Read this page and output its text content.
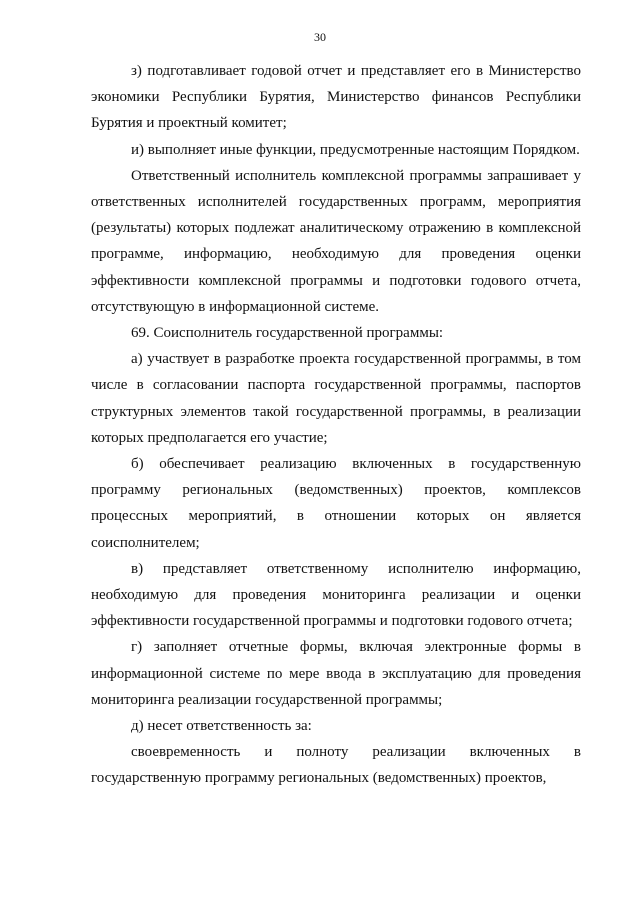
30

з) подготавливает годовой отчет и представляет его в Министерство экономики Республики Бурятия, Министерство финансов Республики Бурятия и проектный комитет;

и) выполняет иные функции, предусмотренные настоящим Порядком.

Ответственный исполнитель комплексной программы запрашивает у ответственных исполнителей государственных программ, мероприятия (результаты) которых подлежат аналитическому отражению в комплексной программе, информацию, необходимую для проведения оценки эффективности комплексной программы и подготовки годового отчета, отсутствующую в информационной системе.

69. Соисполнитель государственной программы:

а) участвует в разработке проекта государственной программы, в том числе в согласовании паспорта государственной программы, паспортов структурных элементов такой государственной программы, в реализации которых предполагается его участие;

б) обеспечивает реализацию включенных в государственную программу региональных (ведомственных) проектов, комплексов процессных мероприятий, в отношении которых он является соисполнителем;

в) представляет ответственному исполнителю информацию, необходимую для проведения мониторинга реализации и оценки эффективности государственной программы и подготовки годового отчета;

г) заполняет отчетные формы, включая электронные формы в информационной системе по мере ввода в эксплуатацию для проведения мониторинга реализации государственной программы;

д) несет ответственность за:

своевременность и полноту реализации включенных в государственную программу региональных (ведомственных) проектов,
